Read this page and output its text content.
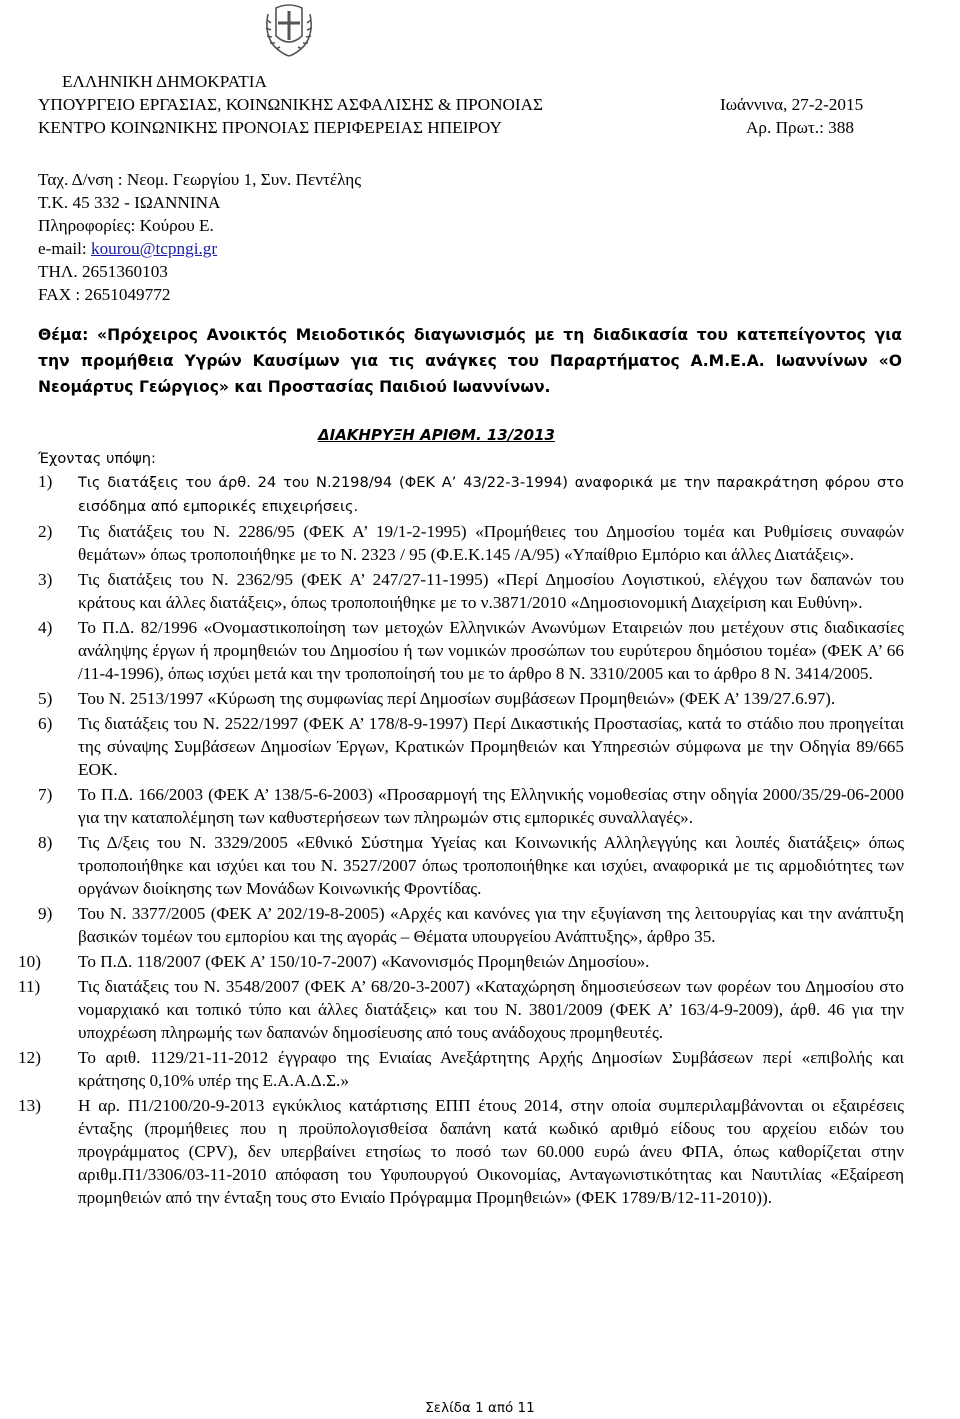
ΕΛΛΗΝΙΚΗ ΔΗΜΟΚΡΑΤΙΑ
ΥΠΟΥΡΓΕΙΟ ΕΡΓΑΣΙΑΣ, ΚΟΙΝΩΝΙΚΗΣ ΑΣΦΑΛΙΣΗΣ & ΠΡΟΝΟΙΑΣ
ΚΕΝΤΡΟ ΚΟΙΝΩΝΙΚΗΣ ΠΡΟΝΟΙΑΣ ΠΕΡΙΦΕΡΕΙΑΣ ΗΠΕΙΡΟΥ
Ιωάννινα, 27-2-2015
Αρ. Πρωτ.: 388
Ταχ. Δ/νση : Νεομ. Γεωργίου 1, Συν. Πεντέλης
Τ.Κ. 45 332 - ΙΩΑΝΝΙΝΑ
Πληροφορίες: Κούρου Ε.
e-mail: kourou@tcpngi.gr
ΤΗΛ. 2651360103
FAX : 2651049772
Θέμα: «Πρόχειρος Ανοικτός Μειοδοτικός διαγωνισμός με τη διαδικασία του κατεπείγοντος για την προμήθεια Υγρών Καυσίμων για τις ανάγκες του Παραρτήματος Α.Μ.Ε.Α. Ιωαννίνων «Ο Νεομάρτυς Γεώργιος» και Προστασίας Παιδιού Ιωαννίνων.
ΔΙΑΚΗΡΥΞΗ ΑΡΙΘΜ. 13/2013
Έχοντας υπόψη:
1)	Τις διατάξεις του άρθ. 24 του Ν.2198/94 (ΦΕΚ Α’ 43/22-3-1994) αναφορικά με την παρακράτηση φόρου στο εισόδημα από εμπορικές επιχειρήσεις.
2)	Τις διατάξεις του Ν. 2286/95 (ΦΕΚ Α’ 19/1-2-1995) «Προμήθειες του Δημοσίου τομέα και Ρυθμίσεις συναφών θεμάτων» όπως τροποποιήθηκε με το Ν. 2323 / 95 (Φ.Ε.Κ.145 /Α/95) «Υπαίθριο Εμπόριο και άλλες Διατάξεις».
3)	Τις διατάξεις του Ν. 2362/95 (ΦΕΚ Α’ 247/27-11-1995) «Περί Δημοσίου Λογιστικού, ελέγχου των δαπανών του κράτους και άλλες διατάξεις», όπως τροποποιήθηκε με το ν.3871/2010 «Δημοσιονομική Διαχείριση και Ευθύνη».
4)	Το Π.Δ. 82/1996 «Ονομαστικοποίηση των μετοχών Ελληνικών Ανωνύμων Εταιρειών που μετέχουν στις διαδικασίες ανάληψης έργων ή προμηθειών του Δημοσίου ή των νομικών προσώπων του ευρύτερου δημόσιου τομέα» (ΦΕΚ Α’ 66 /11-4-1996), όπως ισχύει μετά και την τροποποίησή του με το άρθρο 8 Ν. 3310/2005 και το άρθρο 8 Ν. 3414/2005.
5)	Του Ν. 2513/1997 «Κύρωση της συμφωνίας περί Δημοσίων συμβάσεων Προμηθειών» (ΦΕΚ Α’ 139/27.6.97).
6)	Τις διατάξεις του Ν. 2522/1997 (ΦΕΚ Α’ 178/8-9-1997) Περί Δικαστικής Προστασίας, κατά το στάδιο που προηγείται της σύναψης Συμβάσεων Δημοσίων Έργων, Κρατικών Προμηθειών και Υπηρεσιών σύμφωνα με την Οδηγία 89/665 ΕΟΚ.
7)	Το Π.Δ. 166/2003 (ΦΕΚ Α’ 138/5-6-2003) «Προσαρμογή της Ελληνικής νομοθεσίας στην οδηγία 2000/35/29-06-2000 για την καταπολέμηση των καθυστερήσεων των πληρωμών στις εμπορικές συναλλαγές».
8)	Τις Δ/ξεις του Ν. 3329/2005 «Εθνικό Σύστημα Υγείας και Κοινωνικής Αλληλεγγύης και λοιπές διατάξεις» όπως τροποποιήθηκε και ισχύει και του Ν. 3527/2007 όπως τροποποιήθηκε και ισχύει, αναφορικά με τις αρμοδιότητες των οργάνων διοίκησης των Μονάδων Κοινωνικής Φροντίδας.
9)	Του Ν. 3377/2005 (ΦΕΚ Α’ 202/19-8-2005) «Αρχές και κανόνες για την εξυγίανση της λειτουργίας και την ανάπτυξη βασικών τομέων του εμπορίου και της αγοράς – Θέματα υπουργείου Ανάπτυξης», άρθρο 35.
10)	Το Π.Δ. 118/2007 (ΦΕΚ Α’ 150/10-7-2007) «Κανονισμός Προμηθειών Δημοσίου».
11)	Τις διατάξεις του Ν. 3548/2007 (ΦΕΚ Α’ 68/20-3-2007) «Καταχώρηση δημοσιεύσεων των φορέων του Δημοσίου στο νομαρχιακό και τοπικό τύπο και άλλες διατάξεις» και του Ν. 3801/2009 (ΦΕΚ Α’ 163/4-9-2009), άρθ. 46 για την υποχρέωση πληρωμής των δαπανών δημοσίευσης από τους ανάδοχους προμηθευτές.
12)	Το αριθ. 1129/21-11-2012 έγγραφο της Ενιαίας Ανεξάρτητης Αρχής Δημοσίων Συμβάσεων περί «επιβολής και κράτησης 0,10% υπέρ της Ε.Α.Α.Δ.Σ.»
13)	Η αρ. Π1/2100/20-9-2013 εγκύκλιος κατάρτισης ΕΠΠ έτους 2014, στην οποία συμπεριλαμβάνονται οι εξαιρέσεις ένταξης (προμήθειες που η προϋπολογισθείσα δαπάνη κατά κωδικό αριθμό είδους του αρχείου ειδών του προγράμματος (CPV), δεν υπερβαίνει ετησίως το ποσό των 60.000 ευρώ άνευ ΦΠΑ, όπως καθορίζεται στην αριθμ.Π1/3306/03-11-2010 απόφαση του Υφυπουργού Οικονομίας, Ανταγωνιστικότητας και Ναυτιλίας «Εξαίρεση προμηθειών από την ένταξη τους στο Ενιαίο Πρόγραμμα Προμηθειών» (ΦΕΚ 1789/Β/12-11-2010)).
Σελίδα 1 από 11
